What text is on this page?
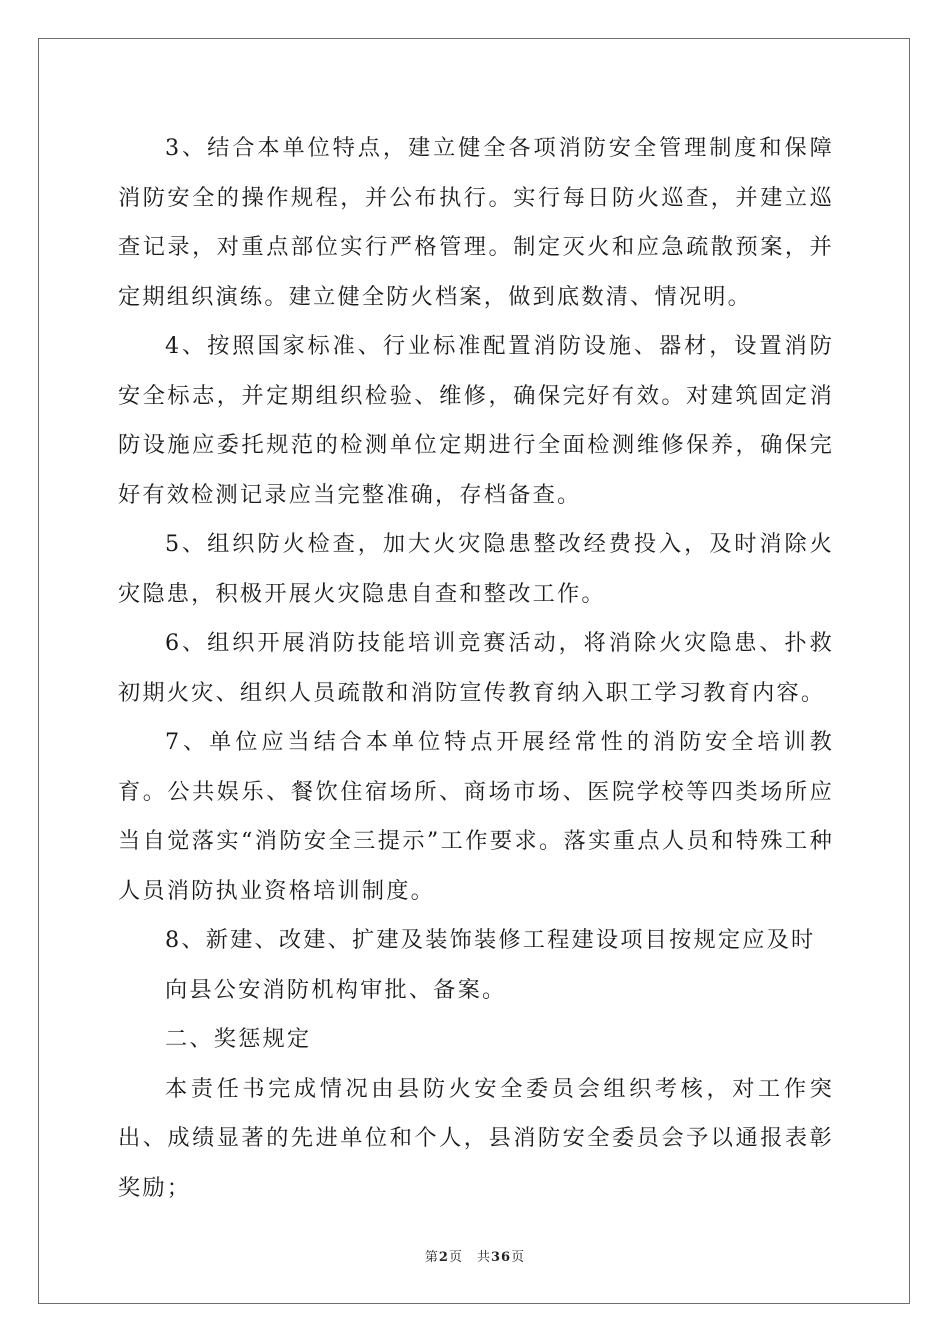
3、结合本单位特点，建立健全各项消防安全管理制度和保障消防安全的操作规程，并公布执行。实行每日防火巡查，并建立巡查记录，对重点部位实行严格管理。制定灭火和应急疏散预案，并定期组织演练。建立健全防火档案，做到底数清、情况明。

4、按照国家标准、行业标准配置消防设施、器材，设置消防安全标志，并定期组织检验、维修，确保完好有效。对建筑固定消防设施应委托规范的检测单位定期进行全面检测维修保养，确保完好有效检测记录应当完整准确，存档备查。

5、组织防火检查，加大火灾隐患整改经费投入，及时消除火灾隐患，积极开展火灾隐患自查和整改工作。

6、组织开展消防技能培训竞赛活动，将消除火灾隐患、扑救初期火灾、组织人员疏散和消防宣传教育纳入职工学习教育内容。

7、单位应当结合本单位特点开展经常性的消防安全培训教育。公共娱乐、餐饮住宿场所、商场市场、医院学校等四类场所应当自觉落实“消防安全三提示”工作要求。落实重点人员和特殊工种人员消防执业资格培训制度。

8、新建、改建、扩建及装饰装修工程建设项目按规定应及时

向县公安消防机构审批、备案。

二、奖惩规定

本责任书完成情况由县防火安全委员会组织考核，对工作突出、成绩显著的先进单位和个人，县消防安全委员会予以通报表彰奖励；

第2页 共36页
